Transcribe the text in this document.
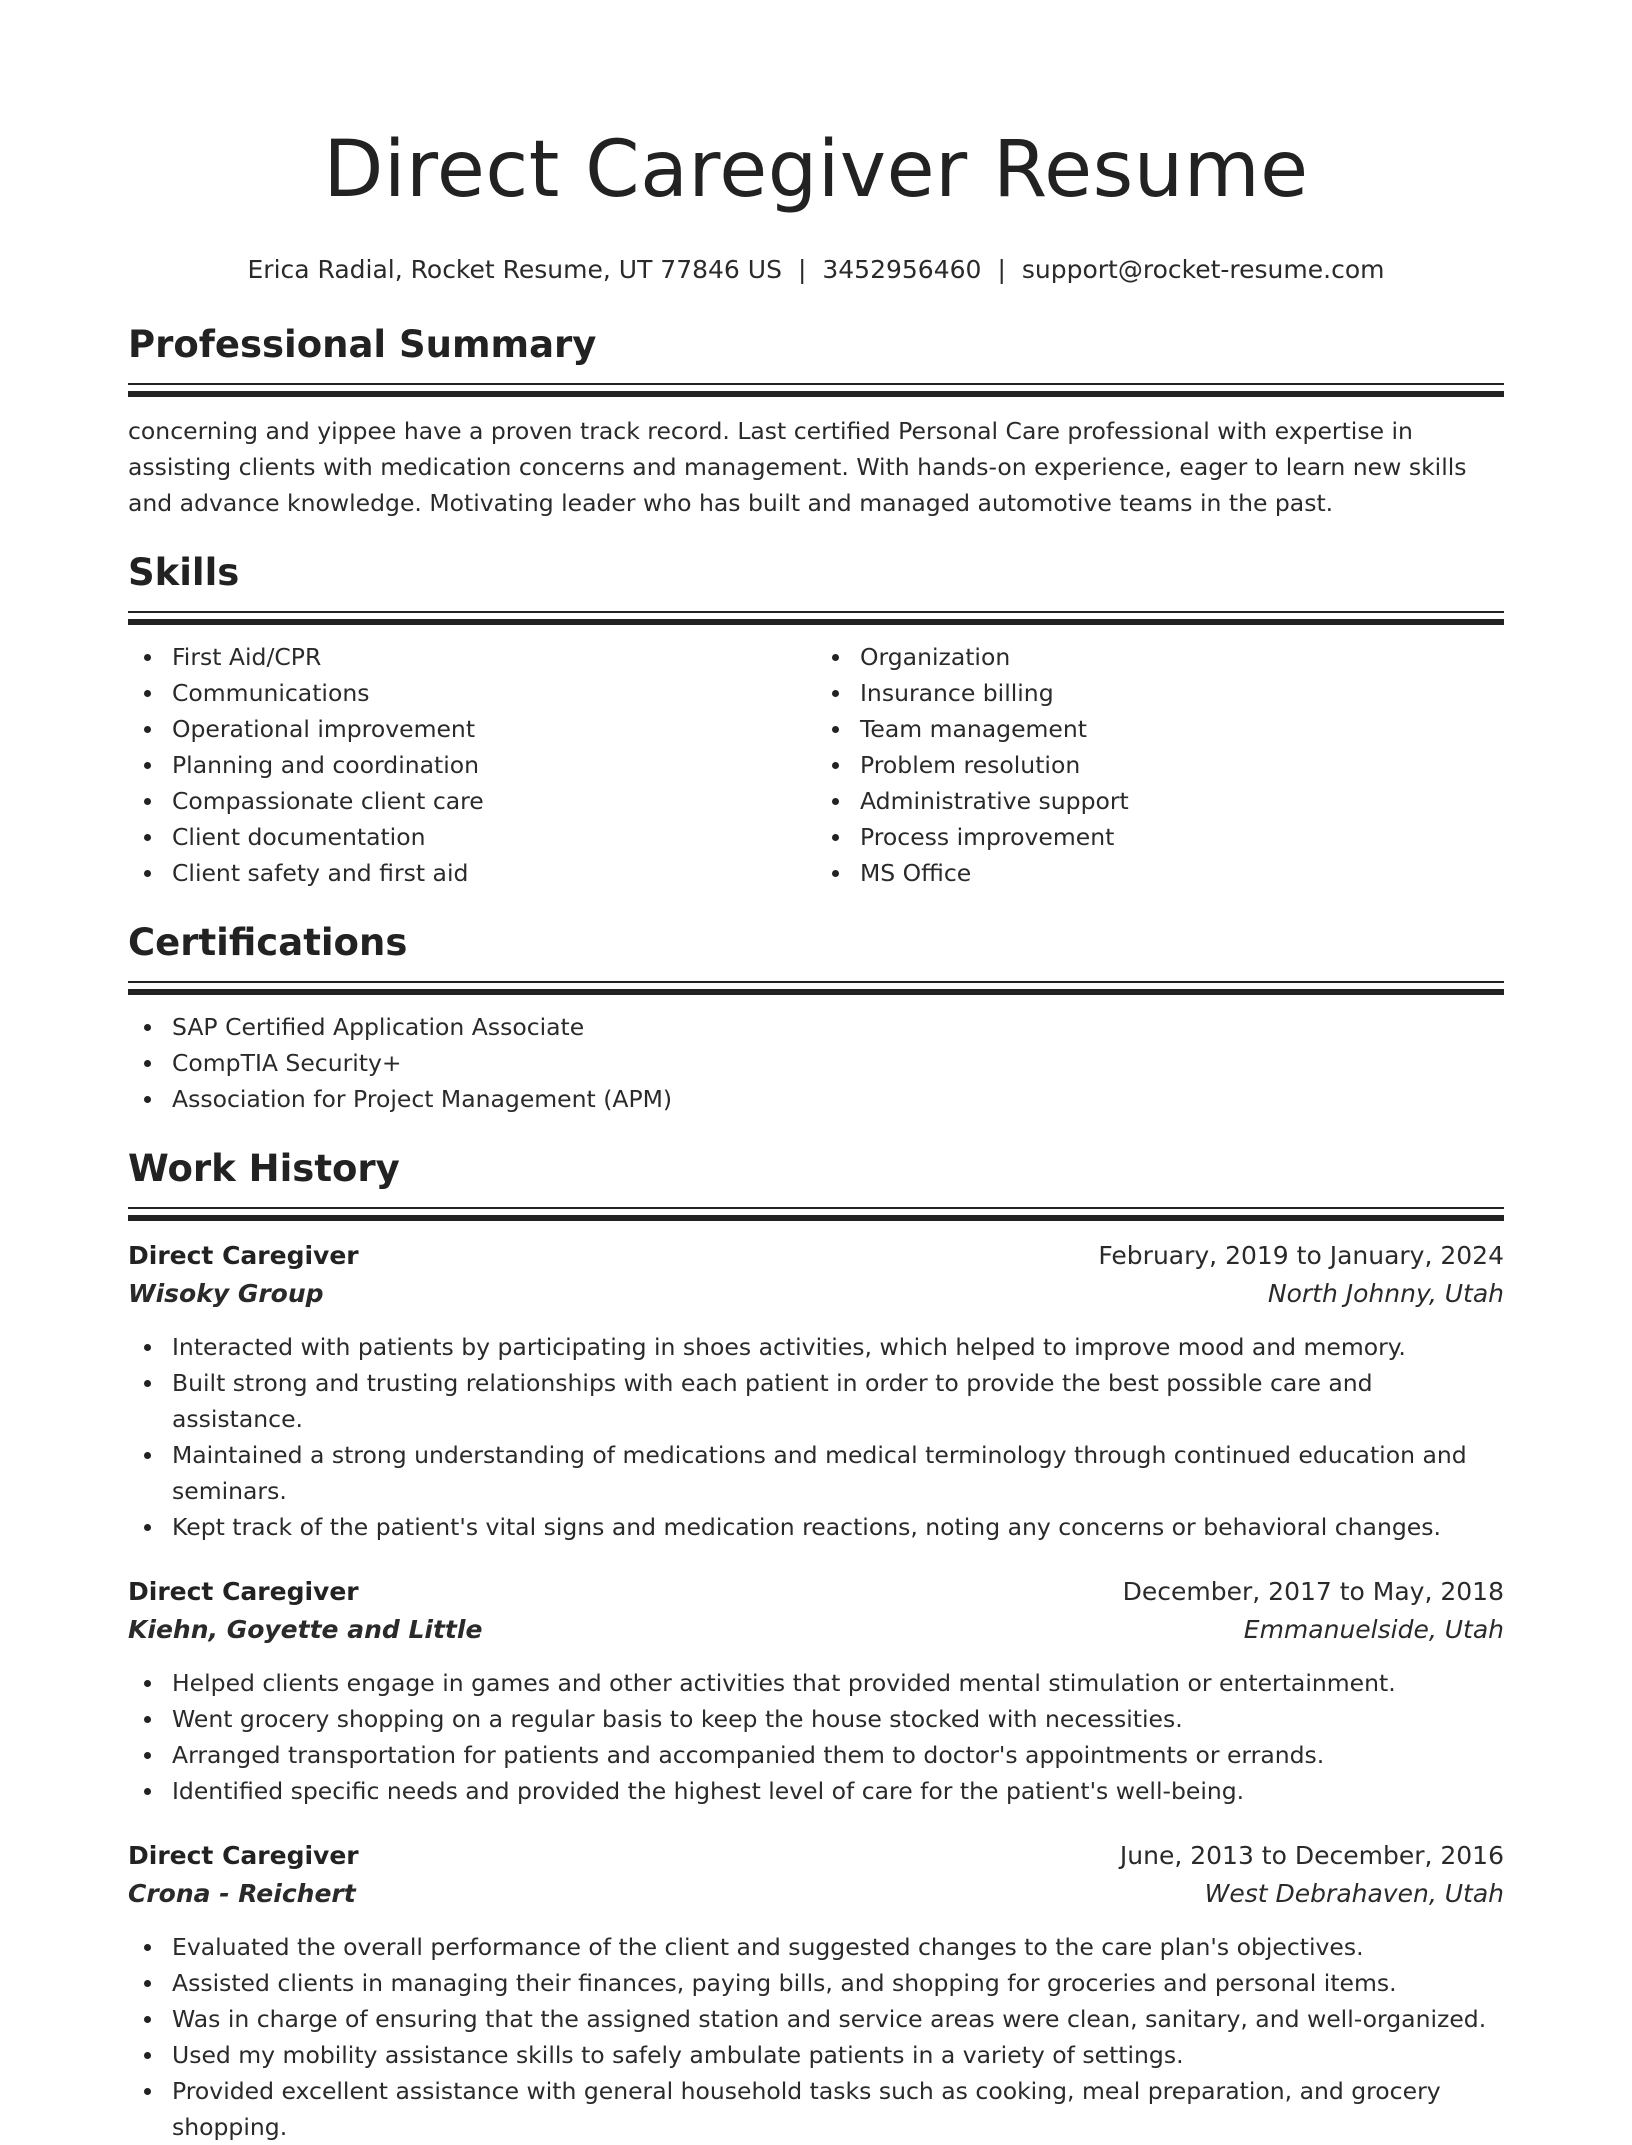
Direct Caregiver Resume
Erica Radial, Rocket Resume, UT 77846 US | 3452956460 | support@rocket-resume.com
Professional Summary
concerning and yippee have a proven track record. Last certified Personal Care professional with expertise in assisting clients with medication concerns and management. With hands-on experience, eager to learn new skills and advance knowledge. Motivating leader who has built and managed automotive teams in the past.
Skills
First Aid/CPR
Communications
Operational improvement
Planning and coordination
Compassionate client care
Client documentation
Client safety and first aid
Organization
Insurance billing
Team management
Problem resolution
Administrative support
Process improvement
MS Office
Certifications
SAP Certified Application Associate
CompTIA Security+
Association for Project Management (APM)
Work History
Direct Caregiver	February, 2019 to January, 2024
Wisoky Group	North Johnny, Utah
Interacted with patients by participating in shoes activities, which helped to improve mood and memory.
Built strong and trusting relationships with each patient in order to provide the best possible care and assistance.
Maintained a strong understanding of medications and medical terminology through continued education and seminars.
Kept track of the patient's vital signs and medication reactions, noting any concerns or behavioral changes.
Direct Caregiver	December, 2017 to May, 2018
Kiehn, Goyette and Little	Emmanuelside, Utah
Helped clients engage in games and other activities that provided mental stimulation or entertainment.
Went grocery shopping on a regular basis to keep the house stocked with necessities.
Arranged transportation for patients and accompanied them to doctor's appointments or errands.
Identified specific needs and provided the highest level of care for the patient's well-being.
Direct Caregiver	June, 2013 to December, 2016
Crona - Reichert	West Debrahaven, Utah
Evaluated the overall performance of the client and suggested changes to the care plan's objectives.
Assisted clients in managing their finances, paying bills, and shopping for groceries and personal items.
Was in charge of ensuring that the assigned station and service areas were clean, sanitary, and well-organized.
Used my mobility assistance skills to safely ambulate patients in a variety of settings.
Provided excellent assistance with general household tasks such as cooking, meal preparation, and grocery shopping.
